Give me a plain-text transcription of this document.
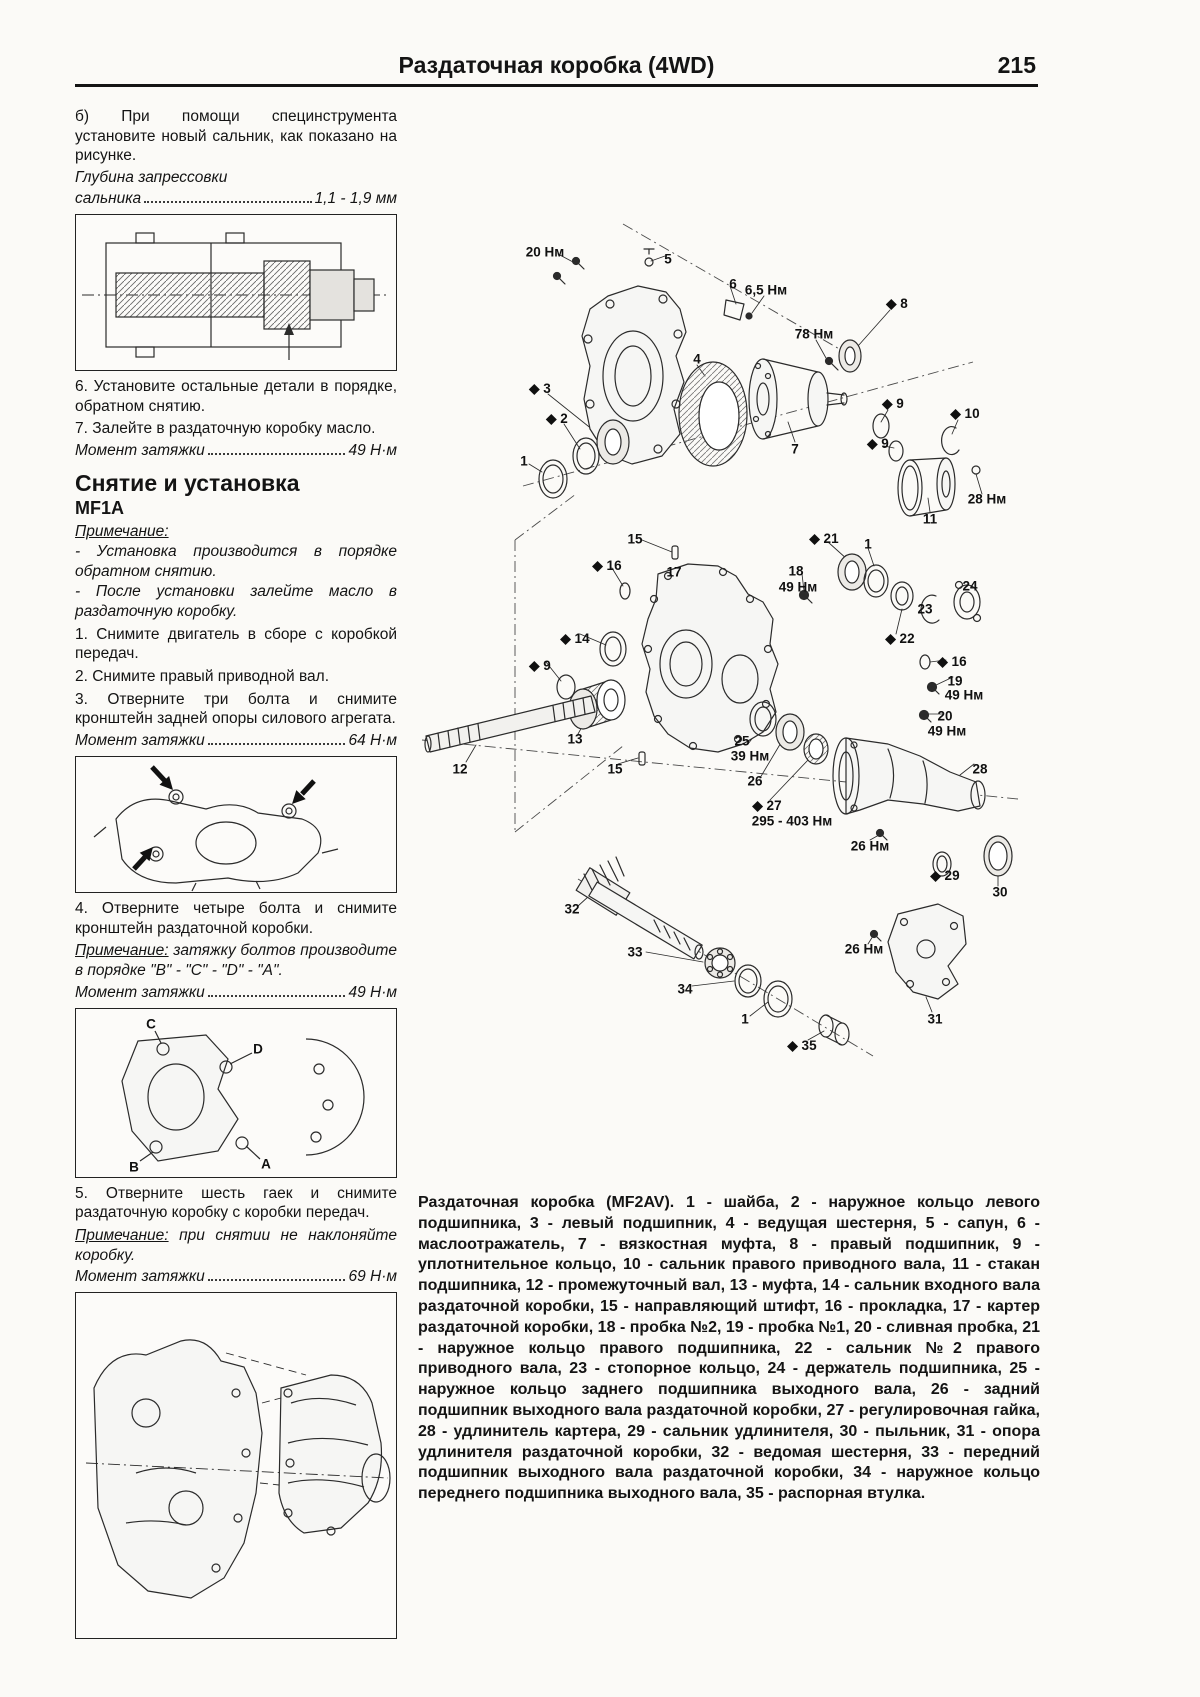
Раздаточная коробка (4WD)	215

б) При помощи специнструмента установите новый сальник, как показано на рисунке.

Глубина запрессовки
сальника	1,1 - 1,9 мм

6. Установите остальные детали в порядке, обратном снятию.

7. Залейте в раздаточную коробку масло.

Момент затяжки	49 Н·м
Снятие и установка
MF1A
Примечание:

- Установка производится в порядке обратном снятию.

- После установки залейте масло в раздаточную коробку.

1. Снимите двигатель в сборе с коробкой передач.

2. Снимите правый приводной вал.

3. Отверните три болта и снимите кронштейн задней опоры силового агрегата.

Момент затяжки	64 Н·м

4. Отверните четыре болта и снимите кронштейн раздаточной коробки.

Примечание: затяжку болтов производите в порядке "B" - "C" - "D" - "A".

Момент затяжки	49 Н·м
C
D
B	A

5. Отверните шесть гаек и снимите раздаточную коробку с коробки передач.

Примечание: при снятии не наклоняйте коробку.

Момент затяжки	69 Н·м
20 Нм	5
6 6,5 Нм
78 Нм
◆ 8
4
◆ 3
◆ 2
1
7
◆ 9
◆ 10
◆ 9
28 Нм
11
15	◆ 21 1
◆ 16	17	18
49 Нм
23
24
◆ 22
◆ 14
◆ 9	◆ 16
19
49 Нм
13
20
49 Нм
12	15
25
39 Нм
26
◆ 27
295 - 403 Нм
28
26 Нм
◆ 29
30
32
33	26 Нм
34
1	31
◆ 35

Раздаточная коробка (MF2AV). 1 - шайба, 2 - наружное кольцо левого подшипника, 3 - левый подшипник, 4 - ведущая шестерня, 5 - сапун, 6 - маслоотражатель, 7 - вязкостная муфта, 8 - правый подшипник, 9 - уплотнительное кольцо, 10 - сальник правого приводного вала, 11 - стакан подшипника, 12 - промежуточный вал, 13 - муфта, 14 - сальник входного вала раздаточной коробки, 15 - направляющий штифт, 16 - прокладка, 17 - картер раздаточной коробки, 18 - пробка №2, 19 - пробка №1, 20 - сливная пробка, 21 - наружное кольцо правого подшипника, 22 - сальник №2 правого приводного вала, 23 - стопорное кольцо, 24 - держатель подшипника, 25 - наружное кольцо заднего подшипника выходного вала, 26 - задний подшипник выходного вала раздаточной коробки, 27 - регулировочная гайка, 28 - удлинитель картера, 29 - сальник удлинителя, 30 - пыльник, 31 - опора удлинителя раздаточной коробки, 32 - ведомая шестерня, 33 - передний подшипник выходного вала раздаточной коробки, 34 - наружное кольцо переднего подшипника выходного вала, 35 - распорная втулка.
